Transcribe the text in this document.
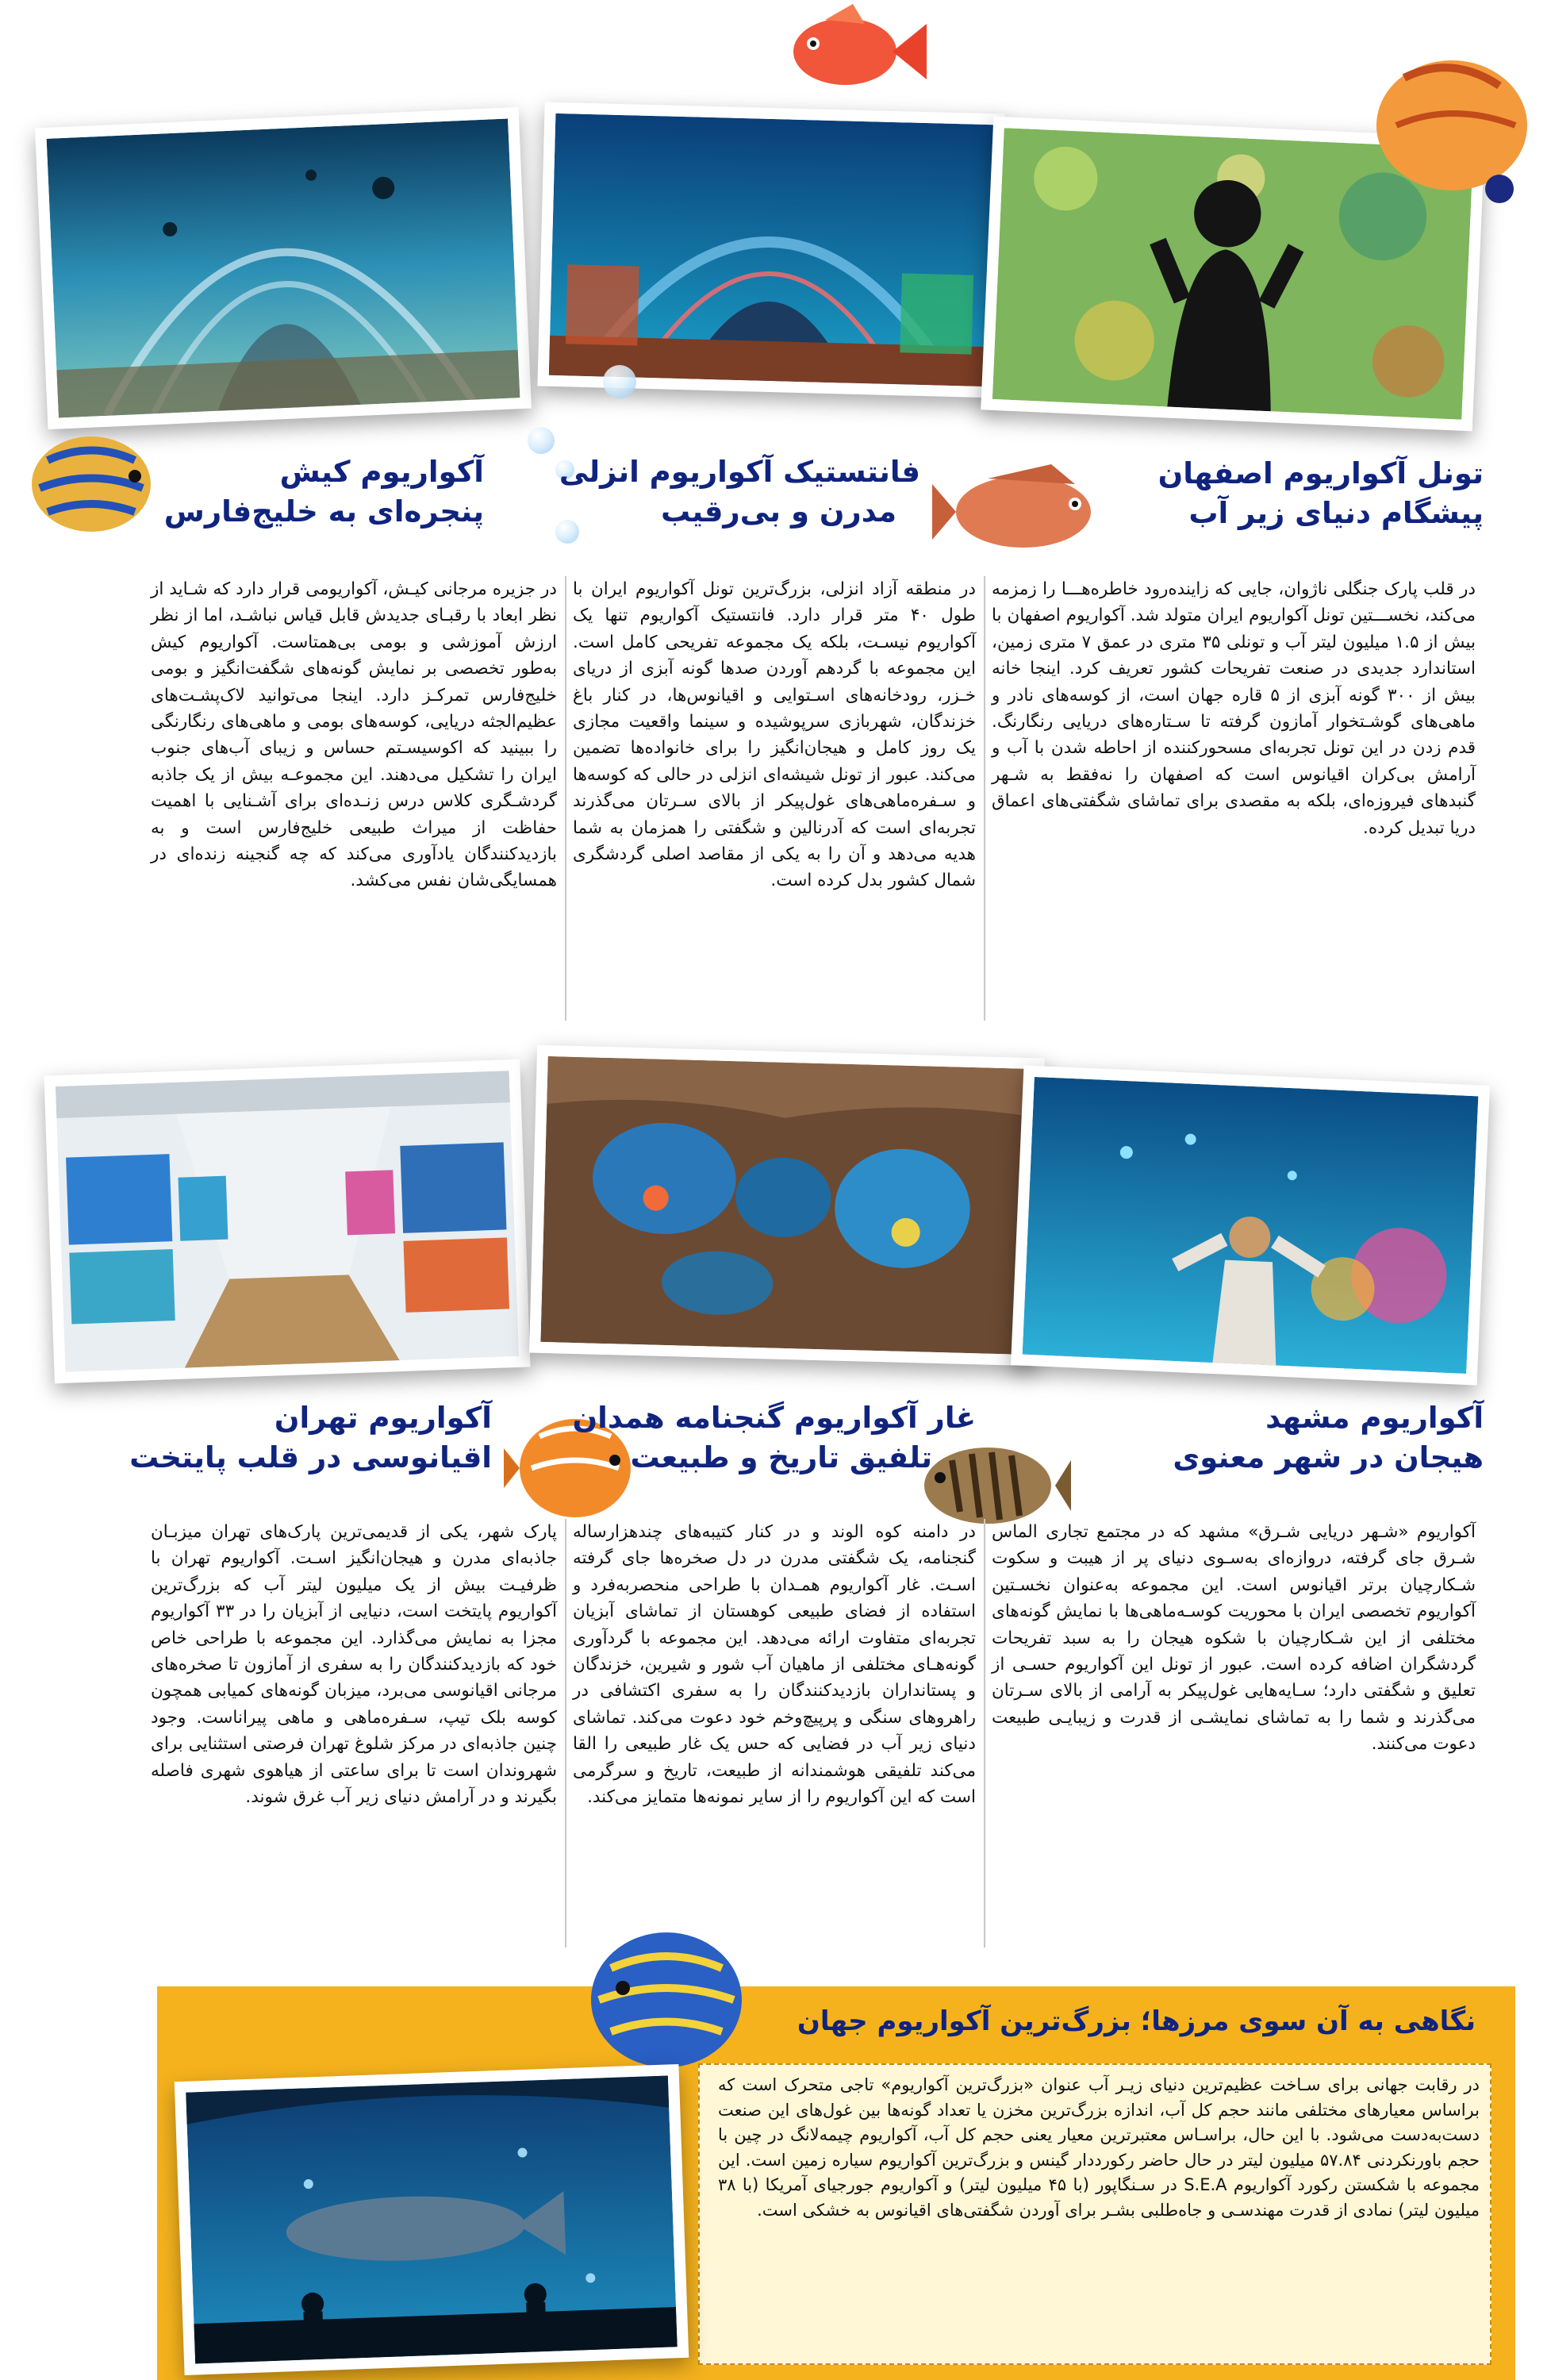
تونل آکواریوم اصفهان
پیشگام دنیای زیر آب
فانتستیک آکواریوم انزلی
مدرن و بی‌رقیب
آکواریوم کیش
پنجره‌ای به خلیج‌فارس
در قلب پارک جنگلی ناژوان، جایی که زاینده‌رود خاطره‌هـــا را زمزمه می‌کند، نخســـتین تونل آکواریوم ایران متولد شد. آکواریوم اصفهان با بیش از ۱.۵ میلیون لیتر آب و تونلی ۳۵ متری در عمق ۷ متری زمین، استاندارد جدیدی در صنعت تفریحات کشور تعریف کرد. اینجا خانه بیش از ۳۰۰ گونه آبزی از ۵ قاره جهان است، از کوسه‌های نادر و ماهی‌های گوشـتخوار آمازون گرفته تا سـتاره‌های دریایی رنگارنگ. قدم زدن در این تونل تجربه‌ای مسحورکننده از احاطه شدن با آب و آرامش بی‌کران اقیانوس است که اصفهان را نه‌فقط به شـهر گنبدهای فیروزه‌ای، بلکه به مقصدی برای تماشای شگفتی‌های اعماق دریا تبدیل کرده.
در منطقه آزاد انزلی، بزرگ‌ترین تونل آکواریوم ایران با طول ۴۰ متر قرار دارد. فانتستیک آکواریوم تنها یک آکواریوم نیسـت، بلکه یک مجموعه تفریحی کامل است. این مجموعه با گردهم آوردن صدها گونه آبزی از دریای خـزر، رودخانه‌های اسـتوایی و اقیانوس‌ها، در کنار باغ خزندگان، شهربازی سرپوشیده و سینما واقعیت مجازی یک روز کامل و هیجان‌انگیز را برای خانواده‌ها تضمین می‌کند. عبور از تونل شیشه‌ای انزلی در حالی که کوسه‌ها و سـفره‌ماهی‌های غول‌پیکر از بالای سـرتان می‌گذرند تجربه‌ای است که آدرنالین و شگفتی را همزمان به شما هدیه می‌دهد و آن را به یکی از مقاصد اصلی گردشگری شمال کشور بدل کرده است.
در جزیره مرجانی کیـش، آکواریومی قرار دارد که شـاید از نظر ابعاد با رقبـای جدیدش قابل قیاس نباشـد، اما از نظر ارزش آموزشی و بومی بی‌همتاست. آکواریوم کیش به‌طور تخصصی بر نمایش گونه‌های شگفت‌انگیز و بومی خلیج‌فارس تمرکـز دارد. اینجا می‌توانید لاک‌پشـت‌های عظیم‌الجثه دریایی، کوسه‌های بومی و ماهی‌های رنگارنگی را ببینید که اکوسیسـتم حساس و زیبای آب‌های جنوب ایران را تشکیل می‌دهند. این مجموعـه بیش از یک جاذبه گردشـگری کلاس درس زنـده‌ای برای آشـنایی با اهمیت حفاظت از میراث طبیعی خلیج‌فارس است و به بازدیدکنندگان یادآوری می‌کند که چه گنجینه زنده‌ای در همسایگی‌شان نفس می‌کشد.
آکواریوم مشهد
هیجان در شهر معنوی
غار آکواریوم گنجنامه همدان
تلفیق تاریخ و طبیعت
آکواریوم تهران
اقیانوسی در قلب پایتخت
آکواریوم «شـهر دریایی شـرق» مشهد که در مجتمع تجاری الماس شـرق جای گرفته، دروازه‌ای به‌سـوی دنیای پر از هیبت و سکوت شـکارچیان برتر اقیانوس است. این مجموعه به‌عنوان نخسـتین آکواریوم تخصصی ایران با محوریت کوسـه‌ماهی‌ها با نمایش گونه‌های مختلفی از این شـکارچیان با شکوه هیجان را به سبد تفریحات گردشگران اضافه کرده است. عبور از تونل این آکواریوم حسـی از تعلیق و شگفتی دارد؛ سـایه‌هایی غول‌پیکر به آرامی از بالای سـرتان می‌گذرند و شما را به تماشای نمایشـی از قدرت و زیبایـی طبیعت دعوت می‌کنند.
در دامنه کوه الوند و در کنار کتیبه‌های چندهزارساله گنجنامه، یک شگفتی مدرن در دل صخره‌ها جای گرفته اسـت. غار آکواریوم همـدان با طراحی منحصربه‌فرد و استفاده از فضای طبیعی کوهستان از تماشای آبزیان تجربه‌ای متفاوت ارائه می‌دهد. این مجموعه با گردآوری گونه‌هـای مختلفی از ماهیان آب شور و شیرین، خزندگان و پستانداران بازدیدکنندگان را به سفری اکتشافی در راهروهای سنگی و پرپیچ‌وخم خود دعوت می‌کند. تماشای دنیای زیر آب در فضایی که حس یک غار طبیعی را القا می‌کند تلفیقی هوشمندانه از طبیعت، تاریخ و سرگرمی است که این آکواریوم را از سایر نمونه‌ها متمایز می‌کند.
پارک شهر، یکی از قدیمی‌ترین پارک‌های تهران میزبـان جاذبه‌ای مدرن و هیجان‌انگیز اسـت. آکواریوم تهران با ظرفیـت بیش از یک میلیون لیتر آب که بزرگ‌ترین آکواریوم پایتخت است، دنیایی از آبزیان را در ۳۳ آکواریوم مجزا به نمایش می‌گذارد. این مجموعه با طراحی خاص خود که بازدیدکنندگان را به سفری از آمازون تا صخره‌های مرجانی اقیانوسی می‌برد، میزبان گونه‌های کمیابی همچون کوسه بلک تیپ، سـفره‌ماهی و ماهی پیراناست. وجود چنین جاذبه‌ای در مرکز شلوغ تهران فرصتی استثنایی برای شهروندان است تا برای ساعتی از هیاهوی شهری فاصله بگیرند و در آرامش دنیای زیر آب غرق شوند.
نگاهی به آن سوی مرزها؛ بزرگ‌ترین آکواریوم جهان
در رقابت جهانی برای سـاخت عظیم‌ترین دنیای زیـر آب عنوان «بزرگ‌ترین آکواریوم» تاجی متحرک است که براساس معیارهای مختلفی مانند حجم کل آب، اندازه بزرگ‌ترین مخزن یا تعداد گونه‌ها بین غول‌های این صنعت دست‌به‌دست می‌شود. با این حال، براسـاس معتبرترین معیار یعنی حجم کل آب، آکواریوم چیمه‌لانگ در چین با حجم باورنکردنی ۵۷.۸۴ میلیون لیتر در حال حاضر رکورددار گینس و بزرگ‌ترین آکواریوم سیاره زمین است. این مجموعه با شکستن رکورد آکواریوم S.E.A در سـنگاپور (با ۴۵ میلیون لیتر) و آکواریوم جورجیای آمریکا (با ۳۸ میلیون لیتر) نمادی از قدرت مهندسـی و جاه‌طلبی بشـر برای آوردن شگفتی‌های اقیانوس به خشکی است.
